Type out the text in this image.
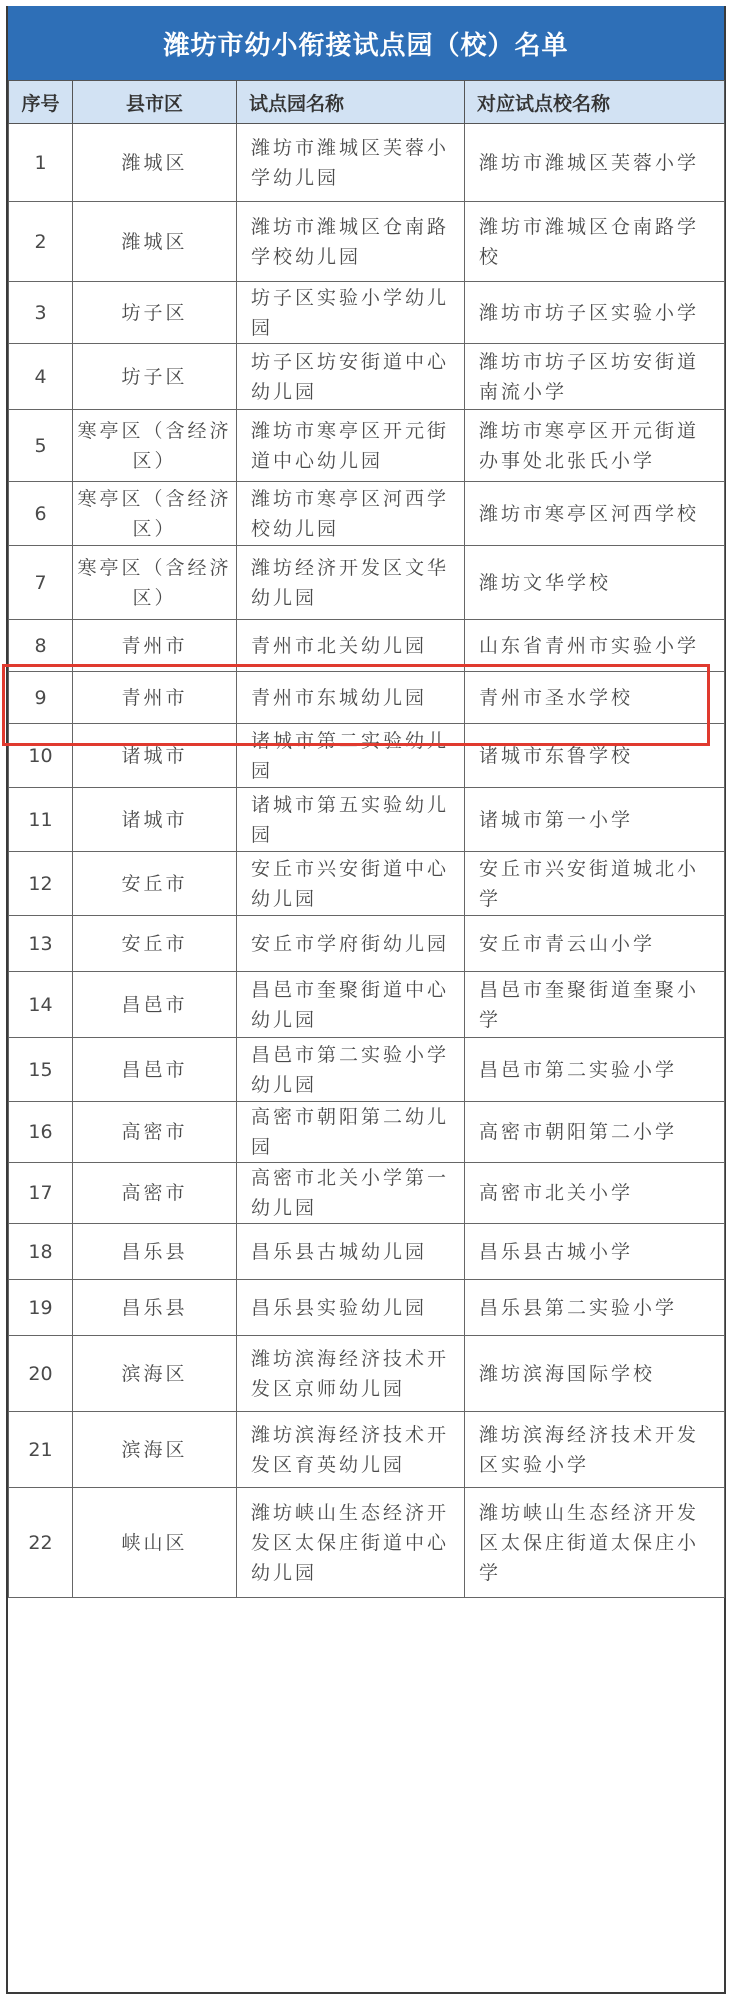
潍坊市幼小衔接试点园（校）名单
序号	县市区	试点园名称	对应试点校名称
1	潍城区	潍坊市潍城区芙蓉小学幼儿园	潍坊市潍城区芙蓉小学
2	潍城区	潍坊市潍城区仓南路学校幼儿园	潍坊市潍城区仓南路学校
3	坊子区	坊子区实验小学幼儿园	潍坊市坊子区实验小学
4	坊子区	坊子区坊安街道中心幼儿园	潍坊市坊子区坊安街道南流小学
5	寒亭区（含经济区）	潍坊市寒亭区开元街道中心幼儿园	潍坊市寒亭区开元街道办事处北张氏小学
6	寒亭区（含经济区）	潍坊市寒亭区河西学校幼儿园	潍坊市寒亭区河西学校
7	寒亭区（含经济区）	潍坊经济开发区文华幼儿园	潍坊文华学校
8	青州市	青州市北关幼儿园	山东省青州市实验小学
9	青州市	青州市东城幼儿园	青州市圣水学校
10	诸城市	诸城市第二实验幼儿园	诸城市东鲁学校
11	诸城市	诸城市第五实验幼儿园	诸城市第一小学
12	安丘市	安丘市兴安街道中心幼儿园	安丘市兴安街道城北小学
13	安丘市	安丘市学府街幼儿园	安丘市青云山小学
14	昌邑市	昌邑市奎聚街道中心幼儿园	昌邑市奎聚街道奎聚小学
15	昌邑市	昌邑市第二实验小学幼儿园	昌邑市第二实验小学
16	高密市	高密市朝阳第二幼儿园	高密市朝阳第二小学
17	高密市	高密市北关小学第一幼儿园	高密市北关小学
18	昌乐县	昌乐县古城幼儿园	昌乐县古城小学
19	昌乐县	昌乐县实验幼儿园	昌乐县第二实验小学
20	滨海区	潍坊滨海经济技术开发区京师幼儿园	潍坊滨海国际学校
21	滨海区	潍坊滨海经济技术开发区育英幼儿园	潍坊滨海经济技术开发区实验小学
22	峡山区	潍坊峡山生态经济开发区太保庄街道中心幼儿园	潍坊峡山生态经济开发区太保庄街道太保庄小学
